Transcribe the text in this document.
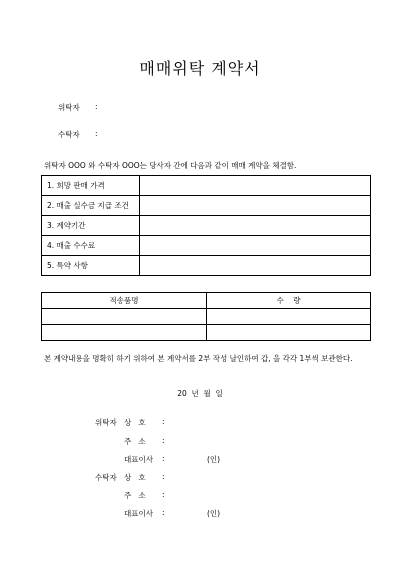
매매위탁 계약서
위탁자 :
수탁자 :
위탁자 OOO 와 수탁자 OOO는 당사자 간에 다음과 같이 매매 계약을 체결함.
1. 희망 판매 가격	
2. 매출 실수금 지급 조건	
3. 계약기간	
4. 매출 수수료	
5. 특약 사항	
적송품명	수    량

본 계약내용을 명확히 하기 위하여 본 계약서를 2부 작성 날인하여 갑, 을 각각 1부씩 보관한다.
20  년  월  일
위탁자 상   호 :
주   소 :
대표이사 :	(인)
수탁자 상   호 :
주   소 :
대표이사 :	(인)
